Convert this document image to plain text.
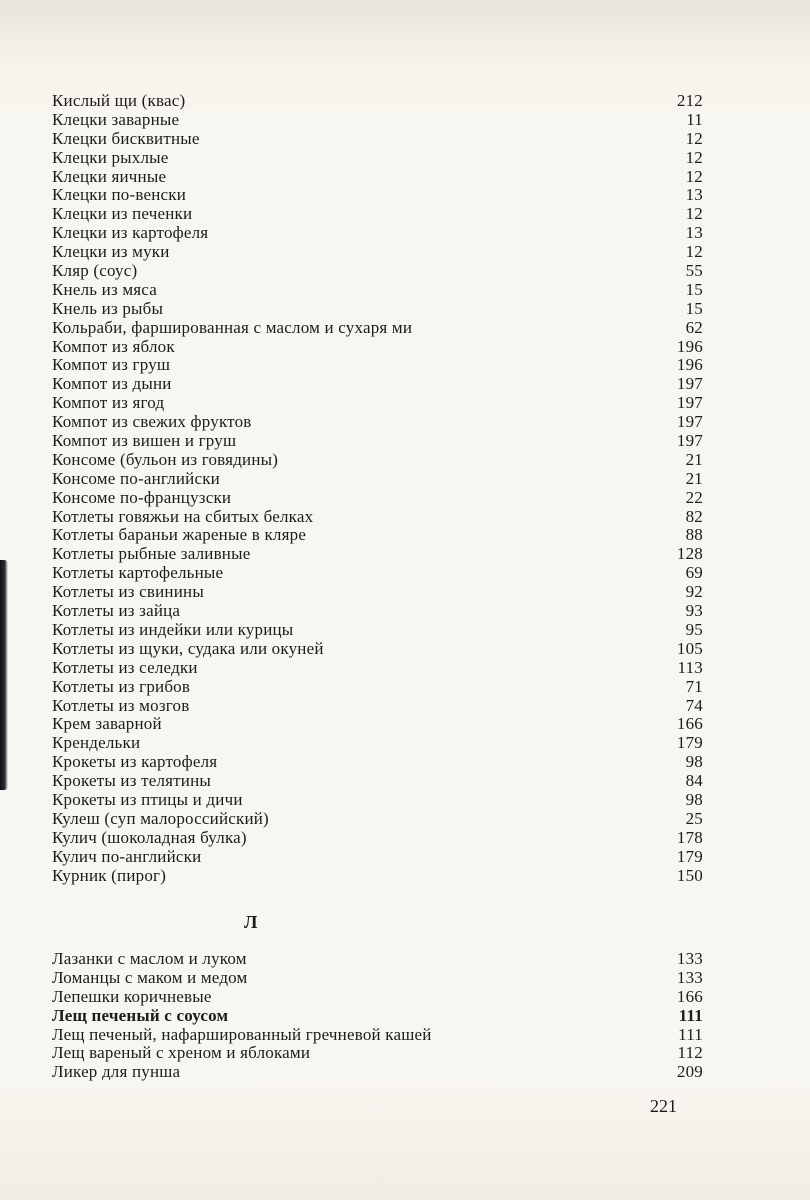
Кислый щи (квас)	212
Клецки заварные	11
Клецки бисквитные	12
Клецки рыхлые	12
Клецки яичные	12
Клецки по-венски	13
Клецки из печенки	12
Клецки из картофеля	13
Клецки из муки	12
Кляр (соус)	55
Кнель из мяса	15
Кнель из рыбы	15
Кольраби, фаршированная с маслом и сухаря ми	62
Компот из яблок	196
Компот из груш	196
Компот из дыни	197
Компот из ягод	197
Компот из свежих фруктов	197
Компот из вишен и груш	197
Консоме (бульон из говядины)	21
Консоме по-английски	21
Консоме по-французски	22
Котлеты говяжьи на сбитых белках	82
Котлеты бараньи жареные в кляре	88
Котлеты рыбные заливные	128
Котлеты картофельные	69
Котлеты из свинины	92
Котлеты из зайца	93
Котлеты из индейки или курицы	95
Котлеты из щуки, судака или окуней	105
Котлеты из селедки	113
Котлеты из грибов	71
Котлеты из мозгов	74
Крем заварной	166
Крендельки	179
Крокеты из картофеля	98
Крокеты из телятины	84
Крокеты из птицы и дичи	98
Кулеш (суп малороссийский)	25
Кулич (шоколадная булка)	178
Кулич по-английски	179
Курник (пирог)	150
Л
Лазанки с маслом и луком	133
Ломанцы с маком и медом	133
Лепешки коричневые	166
Лещ печеный с соусом	111
Лещ печеный, нафаршированный гречневой кашей	111
Лещ вареный с хреном и яблоками	112
Ликер для пунша	209
221
